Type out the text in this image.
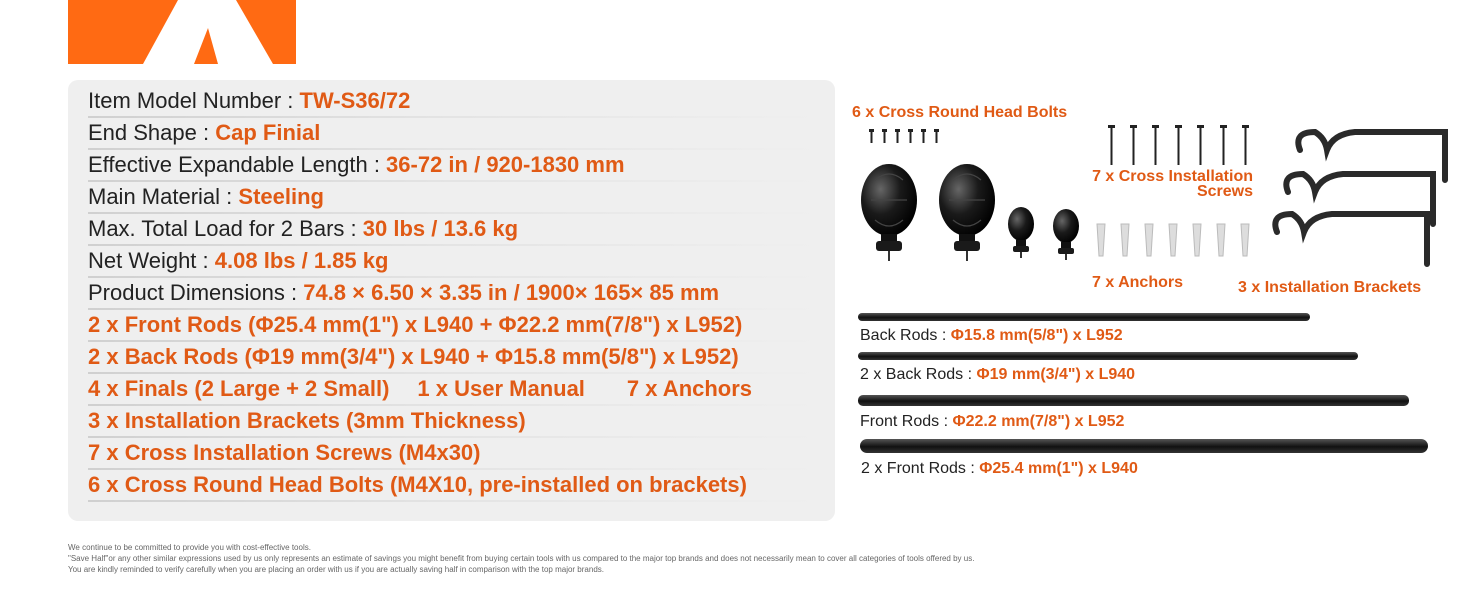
Item Model Number : TW-S36/72
End Shape : Cap Finial
Effective Expandable Length : 36-72 in / 920-1830 mm
Main Material : Steeling
Max. Total Load for 2 Bars : 30 lbs / 13.6 kg
Net Weight : 4.08 lbs / 1.85 kg
Product Dimensions : 74.8 × 6.50 × 3.35 in / 1900× 165× 85 mm
2 x Front Rods (Φ25.4 mm(1") x L940 + Φ22.2 mm(7/8") x L952)
2 x Back Rods (Φ19 mm(3/4") x L940 + Φ15.8 mm(5/8") x L952)
4 x Finals (2 Large + 2 Small) 1 x User Manual 7 x Anchors
3 x Installation Brackets (3mm Thickness)
7 x Cross Installation Screws (M4x30)
6 x Cross Round Head Bolts (M4X10, pre-installed on brackets)
6 x Cross Round Head Bolts
7 x Cross Installation
Screws
7 x Anchors	3 x Installation Brackets
Back Rods : Φ15.8 mm(5/8") x L952
2 x Back Rods : Φ19 mm(3/4") x L940
Front Rods : Φ22.2 mm(7/8") x L952
2 x Front Rods : Φ25.4 mm(1") x L940
We continue to be committed to provide you with cost-effective tools.
"Save Half"or any other similar expressions used by us only represents an estimate of savings you might benefit from buying certain tools with us compared to the major top brands and does not necessarily mean to cover all categories of tools offered by us.
You are kindly reminded to verify carefully when you are placing an order with us if you are actually saving half in comparison with the top major brands.
